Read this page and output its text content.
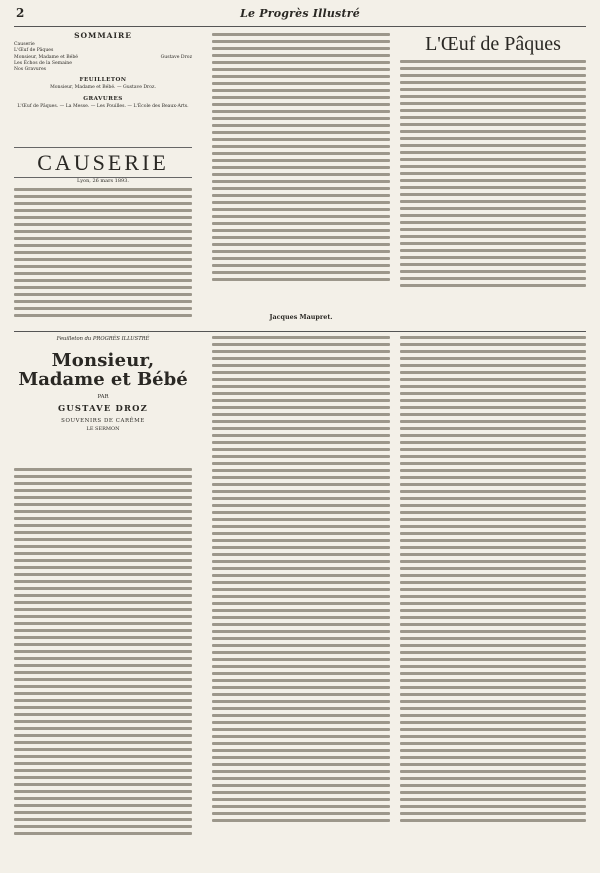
2	Le Progrès Illustré
SOMMAIRE
Causerie
L'Œuf de Pâques
Monsieur, Madame et Bébé	Gustave Droz
Les Échos de la Semaine
Nos Gravures
FEUILLETON
Monsieur, Madame et Bébé. — Gustave Droz.
GRAVURES
L'Œuf de Pâques. — La Messe. — Les Pouilles. — L'École des Beaux-Arts.
CAUSERIE
Lyon, 26 mars 1893.
Jacques Maupret.
L'Œuf de Pâques
Feuilleton du PROGRÈS ILLUSTRÉ
Monsieur,
Madame et Bébé
PAR
GUSTAVE DROZ
SOUVENIRS DE CARÊME
LE SERMON
